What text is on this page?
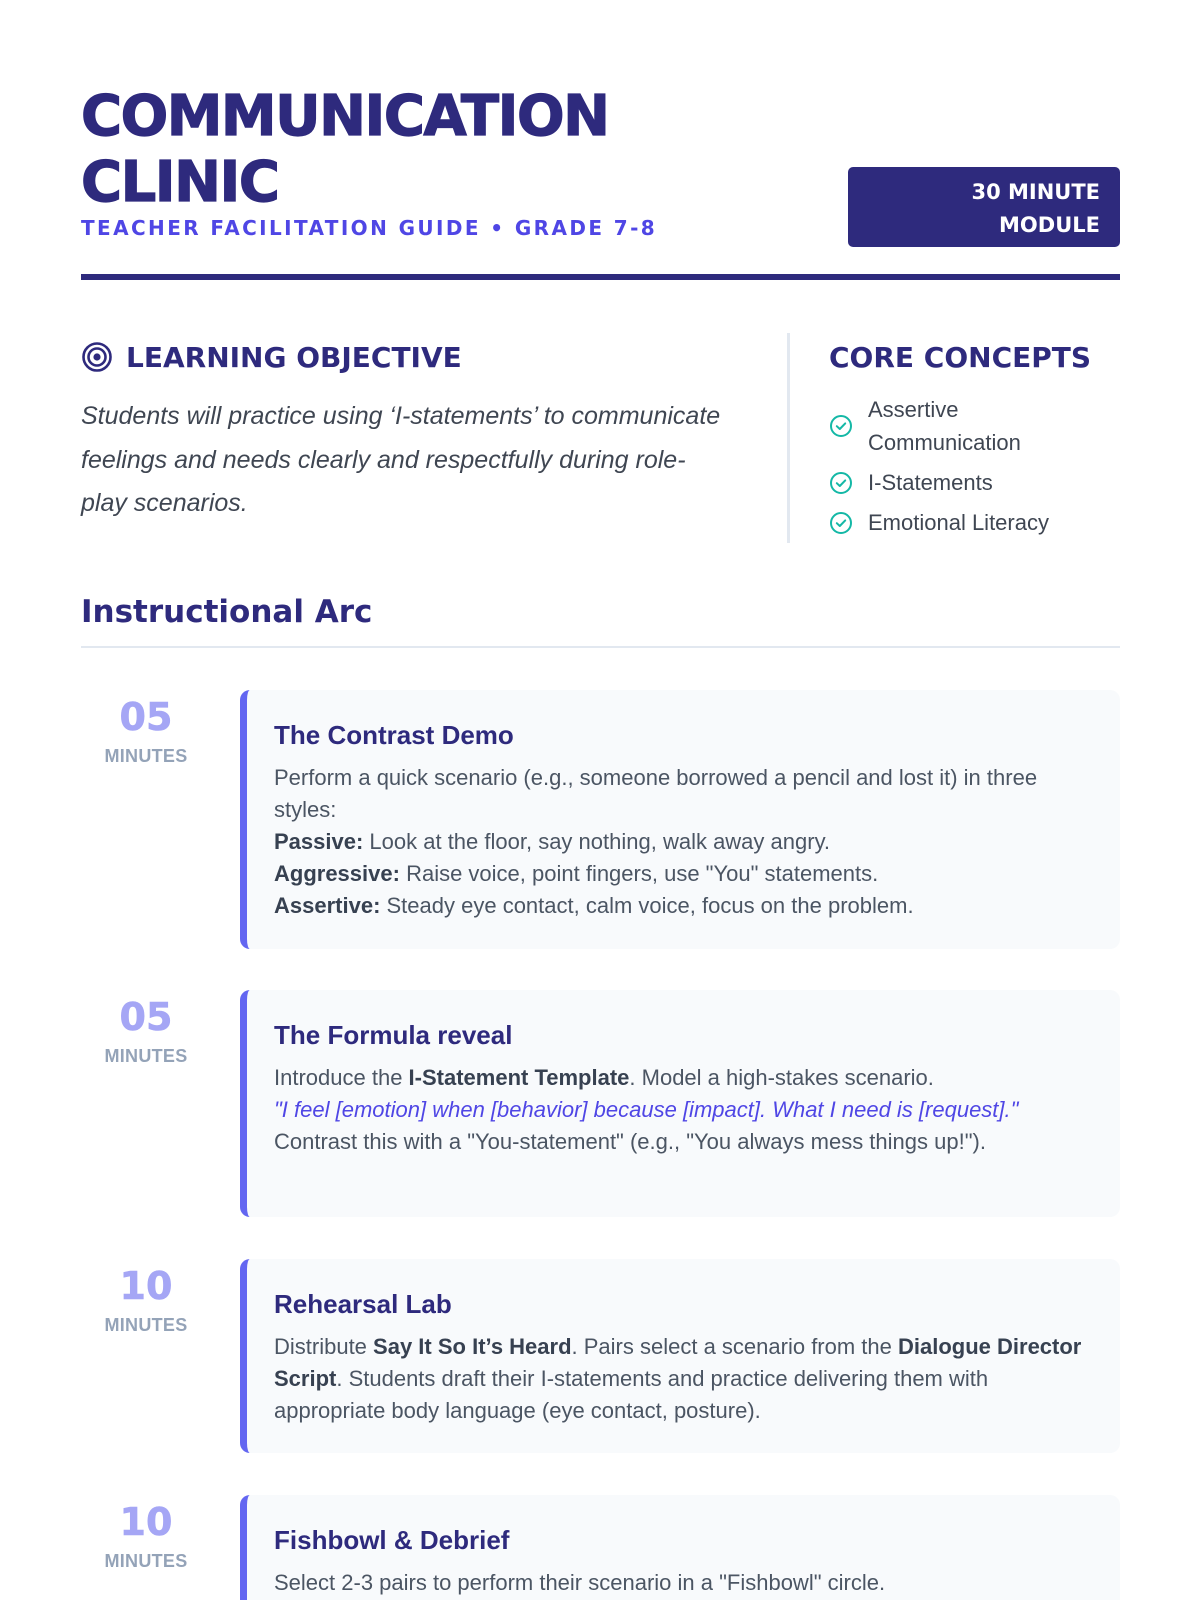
COMMUNICATION
CLINIC
TEACHER FACILITATION GUIDE • GRADE 7-8
30 MINUTE
MODULE
LEARNING OBJECTIVE

Students will practice using ‘I-statements’ to communicate feelings and needs clearly and respectfully during role-play scenarios.

CORE CONCEPTS
Assertive Communication
I-Statements
Emotional Literacy
Instructional Arc
05
MINUTES
The Contrast Demo

Perform a quick scenario (e.g., someone borrowed a pencil and lost it) in three styles:

Passive: Look at the floor, say nothing, walk away angry.

Aggressive: Raise voice, point fingers, use "You" statements.

Assertive: Steady eye contact, calm voice, focus on the problem.

05
MINUTES
The Formula reveal

Introduce the I-Statement Template. Model a high-stakes scenario.

"I feel [emotion] when [behavior] because [impact]. What I need is [request]."

Contrast this with a "You-statement" (e.g., "You always mess things up!").

10
MINUTES
Rehearsal Lab

Distribute Say It So It’s Heard. Pairs select a scenario from the Dialogue Director Script. Students draft their I-statements and practice delivering them with appropriate body language (eye contact, posture).

10
MINUTES
Fishbowl & Debrief

Select 2-3 pairs to perform their scenario in a "Fishbowl" circle.
